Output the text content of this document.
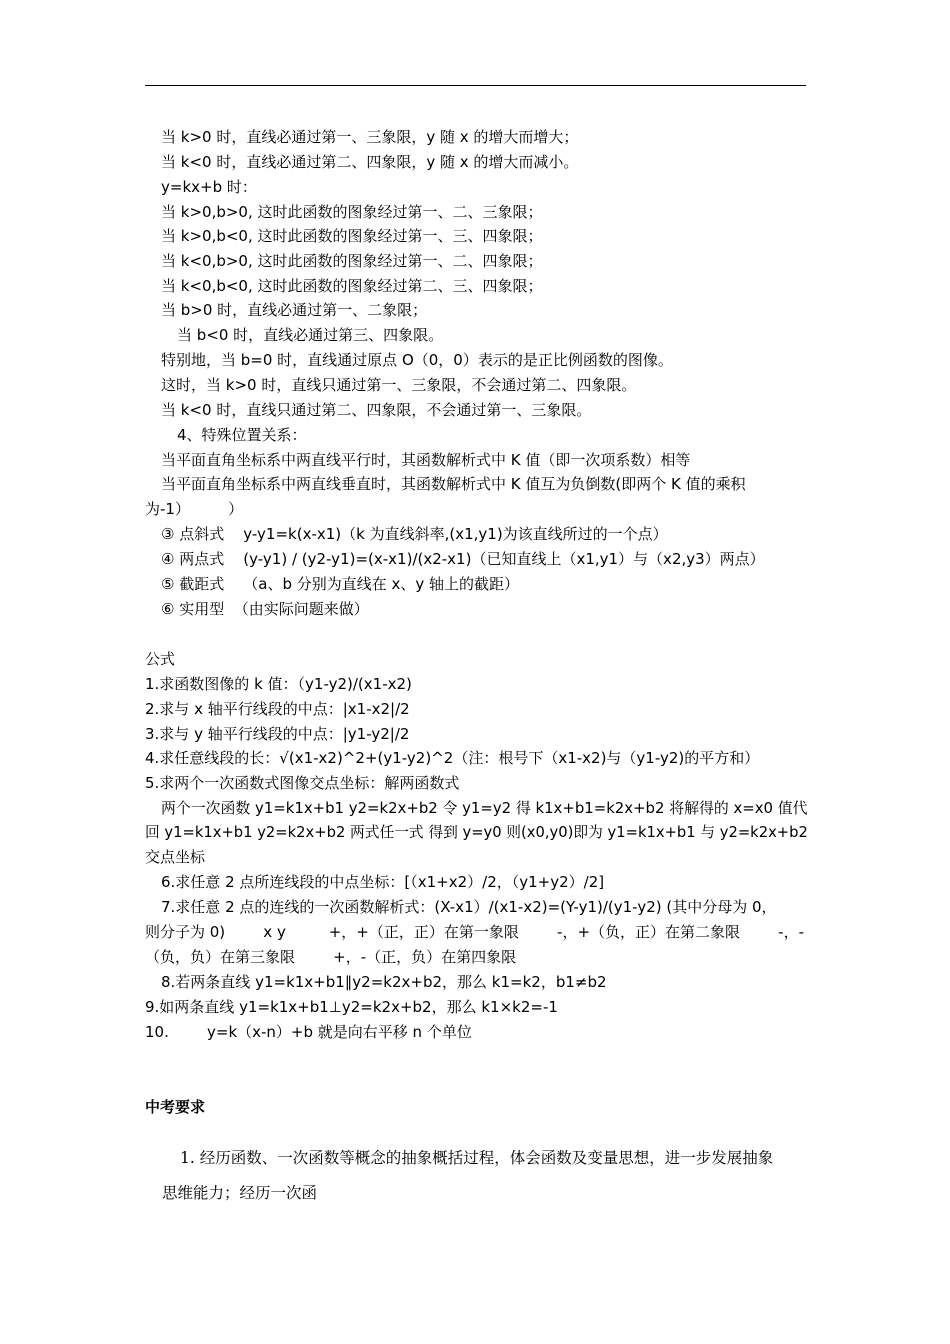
当 k>0 时，直线必通过第一、三象限，y 随 x 的增大而增大；
当 k<0 时，直线必通过第二、四象限，y 随 x 的增大而减小。
y=kx+b 时：
当 k>0,b>0, 这时此函数的图象经过第一、二、三象限；
当 k>0,b<0, 这时此函数的图象经过第一、三、四象限；
当 k<0,b>0, 这时此函数的图象经过第一、二、四象限；
当 k<0,b<0, 这时此函数的图象经过第二、三、四象限；
当 b>0 时，直线必通过第一、二象限；
当 b<0 时，直线必通过第三、四象限。
特别地，当 b=0 时，直线通过原点 O（0，0）表示的是正比例函数的图像。
这时，当 k>0 时，直线只通过第一、三象限，不会通过第二、四象限。
当 k<0 时，直线只通过第二、四象限，不会通过第一、三象限。
4、特殊位置关系：
当平面直角坐标系中两直线平行时，其函数解析式中 K 值（即一次项系数）相等
当平面直角坐标系中两直线垂直时，其函数解析式中 K 值互为负倒数(即两个 K 值的乘积
为-1）        ）
③ 点斜式    y-y1=k(x-x1)（k 为直线斜率,(x1,y1)为该直线所过的一个点）
④ 两点式    (y-y1) / (y2-y1)=(x-x1)/(x2-x1)（已知直线上（x1,y1）与（x2,y3）两点）
⑤ 截距式    （a、b 分别为直线在 x、y 轴上的截距）
⑥ 实用型  （由实际问题来做）
公式
1.求函数图像的 k 值：（y1-y2)/(x1-x2)
2.求与 x 轴平行线段的中点：|x1-x2|/2
3.求与 y 轴平行线段的中点：|y1-y2|/2
4.求任意线段的长：√(x1-x2)^2+(y1-y2)^2（注：根号下（x1-x2)与（y1-y2)的平方和）
5.求两个一次函数式图像交点坐标：解两函数式
两个一次函数 y1=k1x+b1 y2=k2x+b2 令 y1=y2 得 k1x+b1=k2x+b2 将解得的 x=x0 值代
回 y1=k1x+b1 y2=k2x+b2 两式任一式 得到 y=y0 则(x0,y0)即为 y1=k1x+b1 与 y2=k2x+b2
交点坐标
6.求任意 2 点所连线段的中点坐标：[（x1+x2）/2，（y1+y2）/2]
7.求任意 2 点的连线的一次函数解析式：(X-x1）/(x1-x2)=(Y-y1)/(y1-y2) (其中分母为 0，
则分子为 0)        x y         +，+（正，正）在第一象限        -，+（负，正）在第二象限        -，-
（负，负）在第三象限        +，-（正，负）在第四象限
8.若两条直线 y1=k1x+b1∥y2=k2x+b2，那么 k1=k2，b1≠b2
9.如两条直线 y1=k1x+b1⊥y2=k2x+b2，那么 k1×k2=-1
10.        y=k（x-n）+b 就是向右平移 n 个单位
中考要求
1. 经历函数、一次函数等概念的抽象概括过程，体会函数及变量思想，进一步发展抽象
思维能力；经历一次函
